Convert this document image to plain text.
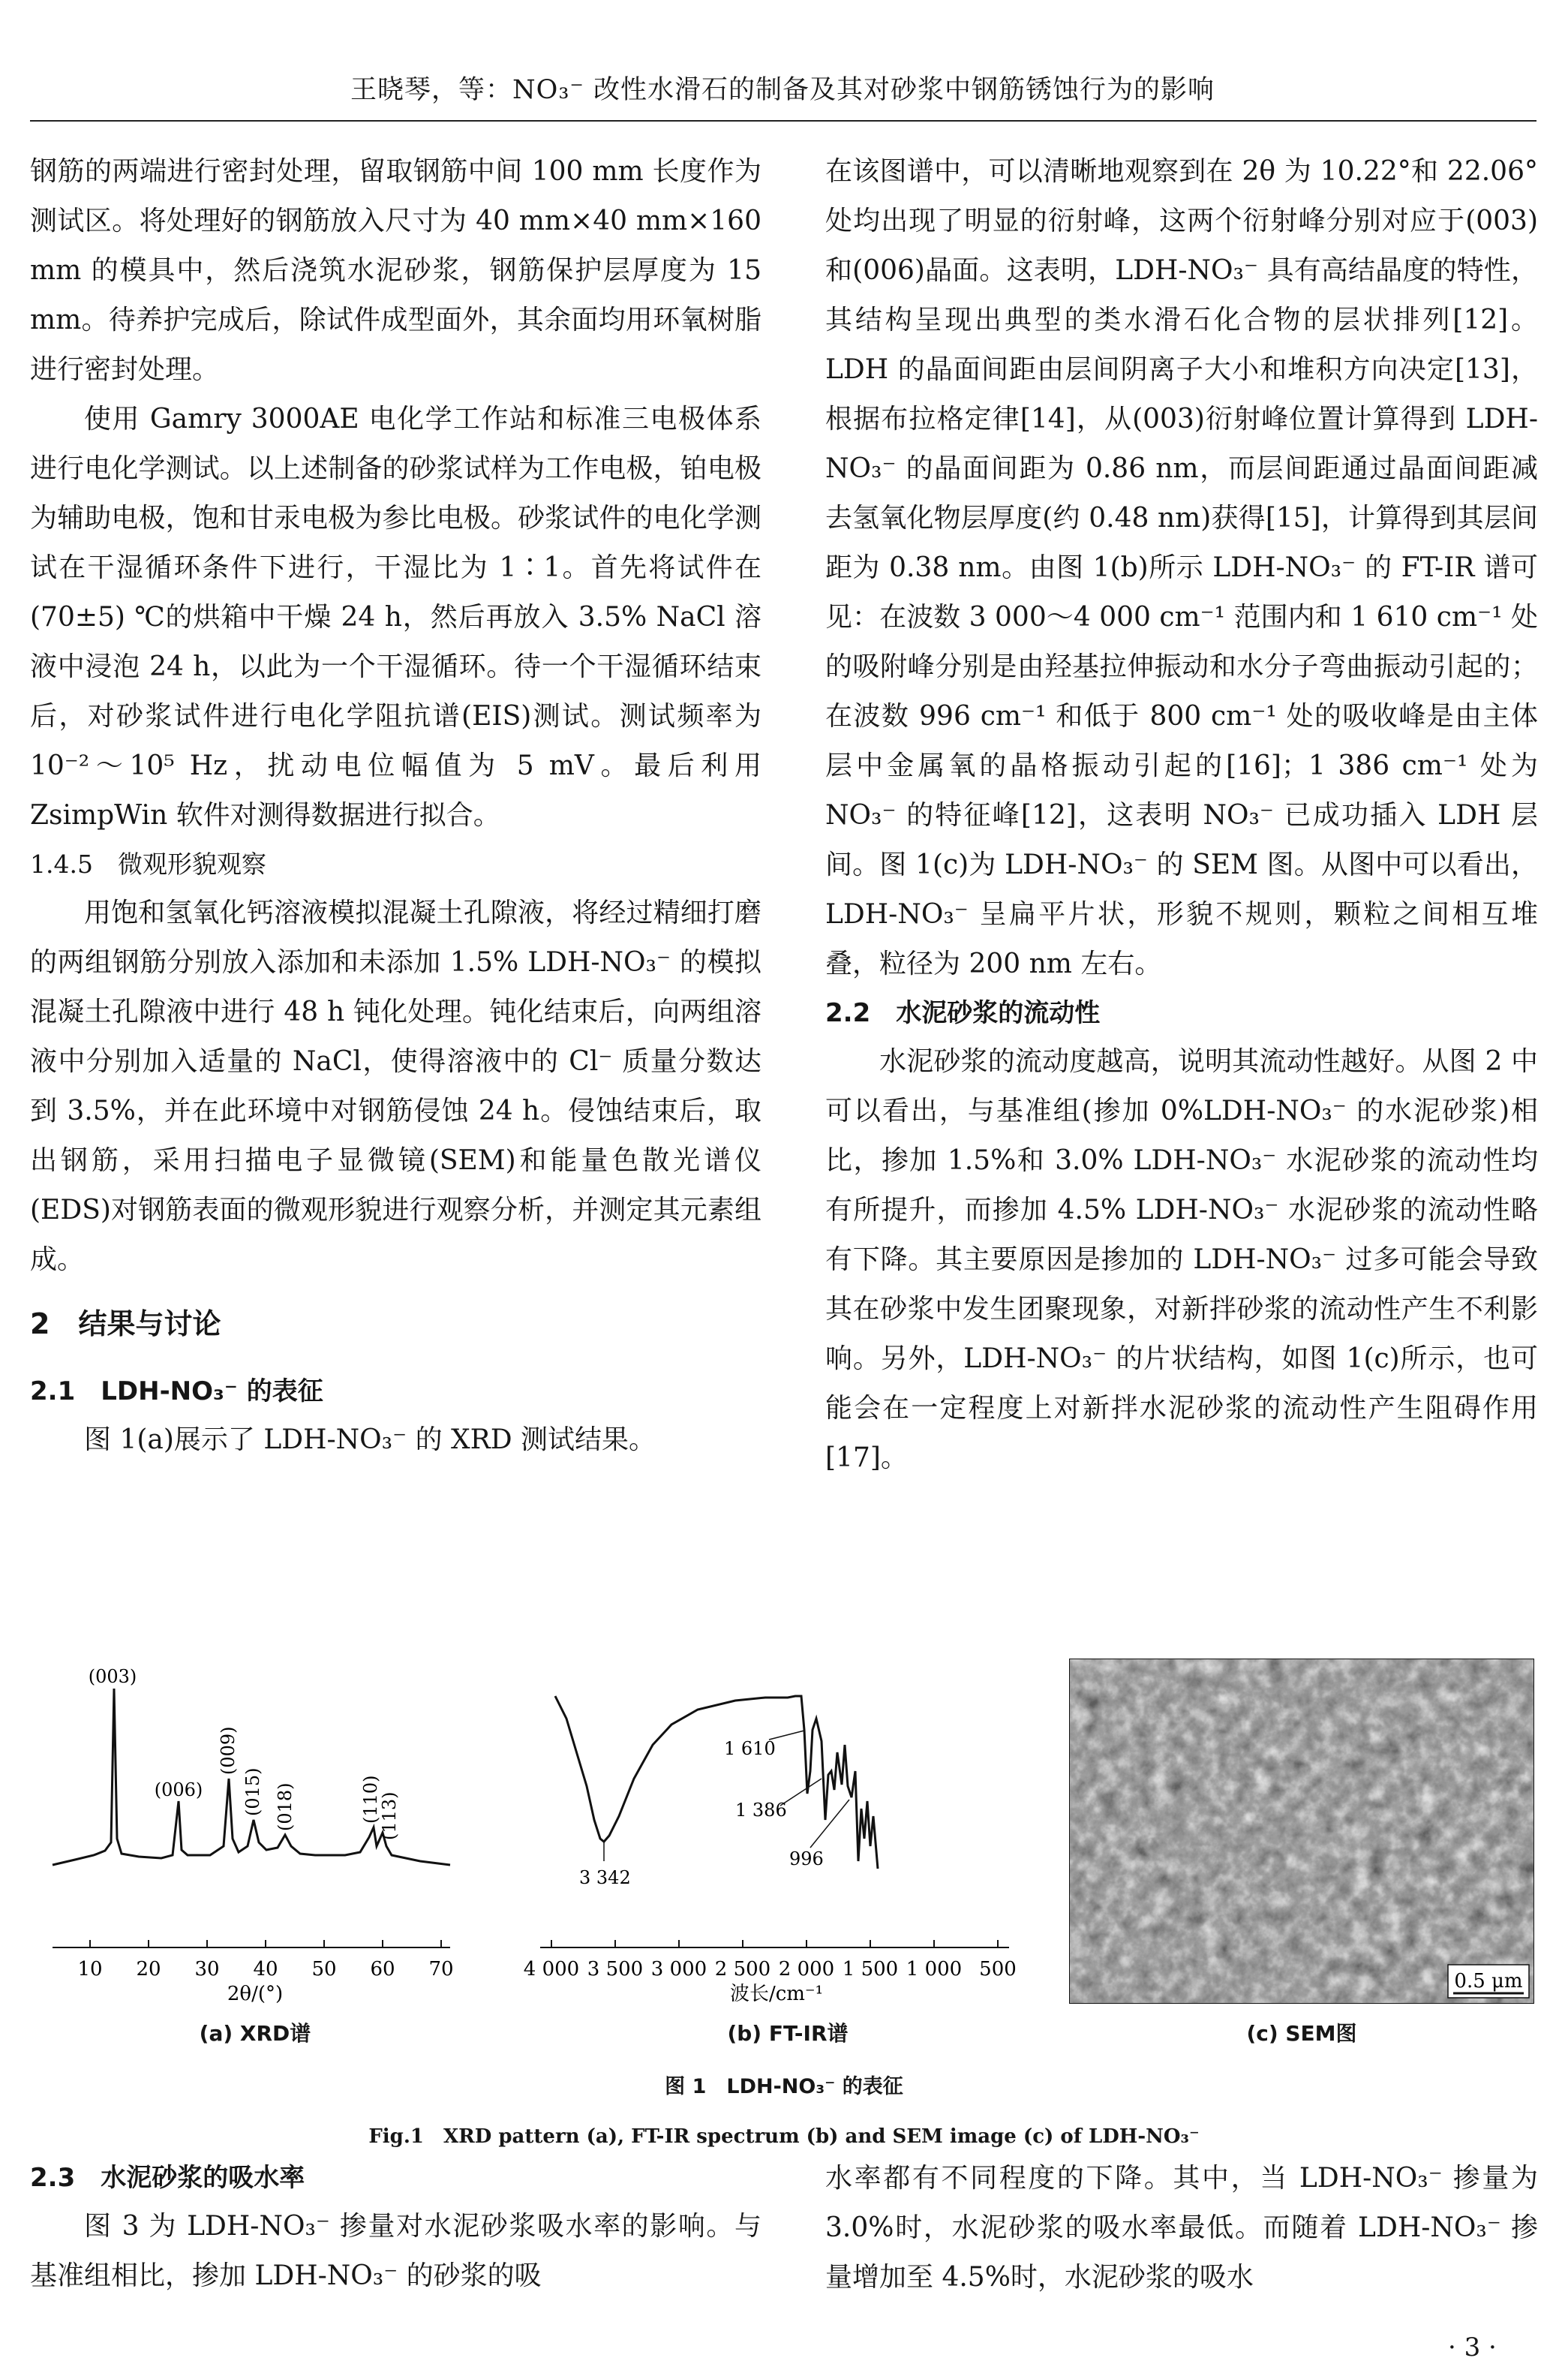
王晓琴，等：NO₃⁻ 改性水滑石的制备及其对砂浆中钢筋锈蚀行为的影响

钢筋的两端进行密封处理，留取钢筋中间 100 mm 长度作为测试区。将处理好的钢筋放入尺寸为 40 mm×40 mm×160 mm 的模具中，然后浇筑水泥砂浆，钢筋保护层厚度为 15 mm。待养护完成后，除试件成型面外，其余面均用环氧树脂进行密封处理。

使用 Gamry 3000AE 电化学工作站和标准三电极体系进行电化学测试。以上述制备的砂浆试样为工作电极，铂电极为辅助电极，饱和甘汞电极为参比电极。砂浆试件的电化学测试在干湿循环条件下进行，干湿比为 1∶1。首先将试件在(70±5) ℃的烘箱中干燥 24 h，然后再放入 3.5% NaCl 溶液中浸泡 24 h，以此为一个干湿循环。待一个干湿循环结束后，对砂浆试件进行电化学阻抗谱(EIS)测试。测试频率为 10⁻²～10⁵ Hz，扰动电位幅值为 5 mV。最后利用 ZsimpWin 软件对测得数据进行拟合。

1.4.5　微观形貌观察

用饱和氢氧化钙溶液模拟混凝土孔隙液，将经过精细打磨的两组钢筋分别放入添加和未添加 1.5% LDH-NO₃⁻ 的模拟混凝土孔隙液中进行 48 h 钝化处理。钝化结束后，向两组溶液中分别加入适量的 NaCl，使得溶液中的 Cl⁻ 质量分数达到 3.5%，并在此环境中对钢筋侵蚀 24 h。侵蚀结束后，取出钢筋，采用扫描电子显微镜(SEM)和能量色散光谱仪(EDS)对钢筋表面的微观形貌进行观察分析，并测定其元素组成。

2　结果与讨论
2.1　LDH-NO₃⁻ 的表征

图 1(a)展示了 LDH-NO₃⁻ 的 XRD 测试结果。

在该图谱中，可以清晰地观察到在 2θ 为 10.22°和 22.06°处均出现了明显的衍射峰，这两个衍射峰分别对应于(003)和(006)晶面。这表明，LDH-NO₃⁻ 具有高结晶度的特性，其结构呈现出典型的类水滑石化合物的层状排列[12]。LDH 的晶面间距由层间阴离子大小和堆积方向决定[13]，根据布拉格定律[14]，从(003)衍射峰位置计算得到 LDH-NO₃⁻ 的晶面间距为 0.86 nm，而层间距通过晶面间距减去氢氧化物层厚度(约 0.48 nm)获得[15]，计算得到其层间距为 0.38 nm。由图 1(b)所示 LDH-NO₃⁻ 的 FT-IR 谱可见：在波数 3 000～4 000 cm⁻¹ 范围内和 1 610 cm⁻¹ 处的吸附峰分别是由羟基拉伸振动和水分子弯曲振动引起的；在波数 996 cm⁻¹ 和低于 800 cm⁻¹ 处的吸收峰是由主体层中金属氧的晶格振动引起的[16]；1 386 cm⁻¹ 处为 NO₃⁻ 的特征峰[12]，这表明 NO₃⁻ 已成功插入 LDH 层间。图 1(c)为 LDH-NO₃⁻ 的 SEM 图。从图中可以看出，LDH-NO₃⁻ 呈扁平片状，形貌不规则，颗粒之间相互堆叠，粒径为 200 nm 左右。

2.2　水泥砂浆的流动性

水泥砂浆的流动度越高，说明其流动性越好。从图 2 中可以看出，与基准组(掺加 0%LDH-NO₃⁻ 的水泥砂浆)相比，掺加 1.5%和 3.0% LDH-NO₃⁻ 水泥砂浆的流动性均有所提升，而掺加 4.5% LDH-NO₃⁻ 水泥砂浆的流动性略有下降。其主要原因是掺加的 LDH-NO₃⁻ 过多可能会导致其在砂浆中发生团聚现象，对新拌砂浆的流动性产生不利影响。另外，LDH-NO₃⁻ 的片状结构，如图 1(c)所示，也可能会在一定程度上对新拌水泥砂浆的流动性产生阻碍作用[17]。

10 20 30 40 50 60 70
2θ/(°)
(003)
(006)
(009)
(015) (018)	(110)
(113)
(a) XRD谱
4 000 3 500 3 000 2 500 2 000 1 500 1 000 500
波长/cm⁻¹
1 610
1 386
996
3 342
(b) FT-IR谱
0.5 μm
(c) SEM图
图 1　LDH-NO₃⁻ 的表征
Fig.1　XRD pattern (a), FT-IR spectrum (b) and SEM image (c) of LDH-NO₃⁻
2.3　水泥砂浆的吸水率

图 3 为 LDH-NO₃⁻ 掺量对水泥砂浆吸水率的影响。与基准组相比，掺加 LDH-NO₃⁻ 的砂浆的吸

水率都有不同程度的下降。其中，当 LDH-NO₃⁻ 掺量为 3.0%时，水泥砂浆的吸水率最低。而随着 LDH-NO₃⁻ 掺量增加至 4.5%时，水泥砂浆的吸水

· 3 ·
